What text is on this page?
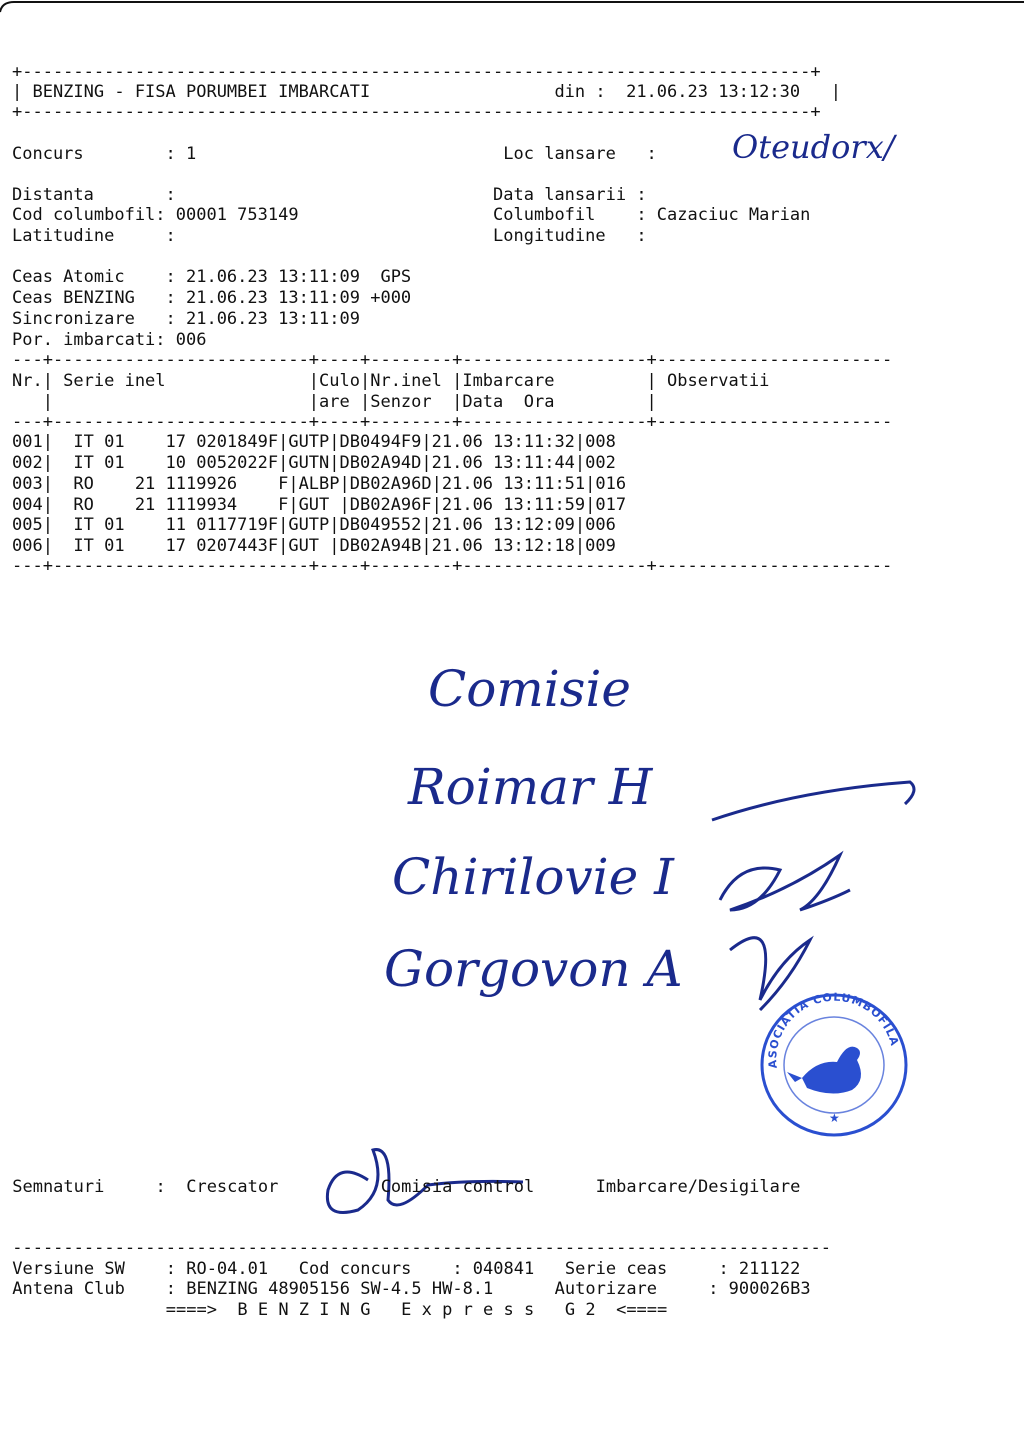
+-----------------------------------------------------------------------------+
| BENZING - FISA PORUMBEI IMBARCATI                  din :  21.06.23 13:12:30   |
+-----------------------------------------------------------------------------+
Concurs        : 1                              Loc lansare   :
Distanta       :                               Data lansarii :
Cod columbofil: 00001 753149                   Columbofil    : Cazaciuc Marian
Latitudine     :                               Longitudine   :
Ceas Atomic    : 21.06.23 13:11:09  GPS
Ceas BENZING   : 21.06.23 13:11:09 +000
Sincronizare   : 21.06.23 13:11:09
Por. imbarcati: 006
Oteudorx/
---+-------------------------+----+--------+------------------+-----------------------
Nr.| Serie inel              |Culo|Nr.inel |Imbarcare         | Observatii
|                         |are |Senzor  |Data  Ora         |
---+-------------------------+----+--------+------------------+-----------------------
001|  IT 01    17 0201849F|GUTP|DB0494F9|21.06 13:11:32|008
002|  IT 01    10 0052022F|GUTN|DB02A94D|21.06 13:11:44|002
003|  RO    21 1119926    F|ALBP|DB02A96D|21.06 13:11:51|016
004|  RO    21 1119934    F|GUT |DB02A96F|21.06 13:11:59|017
005|  IT 01    11 0117719F|GUTP|DB049552|21.06 13:12:09|006
006|  IT 01    17 0207443F|GUT |DB02A94B|21.06 13:12:18|009
---+-------------------------+----+--------+------------------+-----------------------
Comisie
Roimar H
Chirilovie I
Gorgovon A
ASOCIATIA COLUMBOFILA
★
Semnaturi     :  Crescator          Comisia control      Imbarcare/Desigilare
--------------------------------------------------------------------------------
Versiune SW    : RO-04.01   Cod concurs    : 040841   Serie ceas     : 211122
Antena Club    : BENZING 48905156 SW-4.5 HW-8.1      Autorizare     : 900026B3
====>  B E N Z I N G   E x p r e s s   G 2  <====
